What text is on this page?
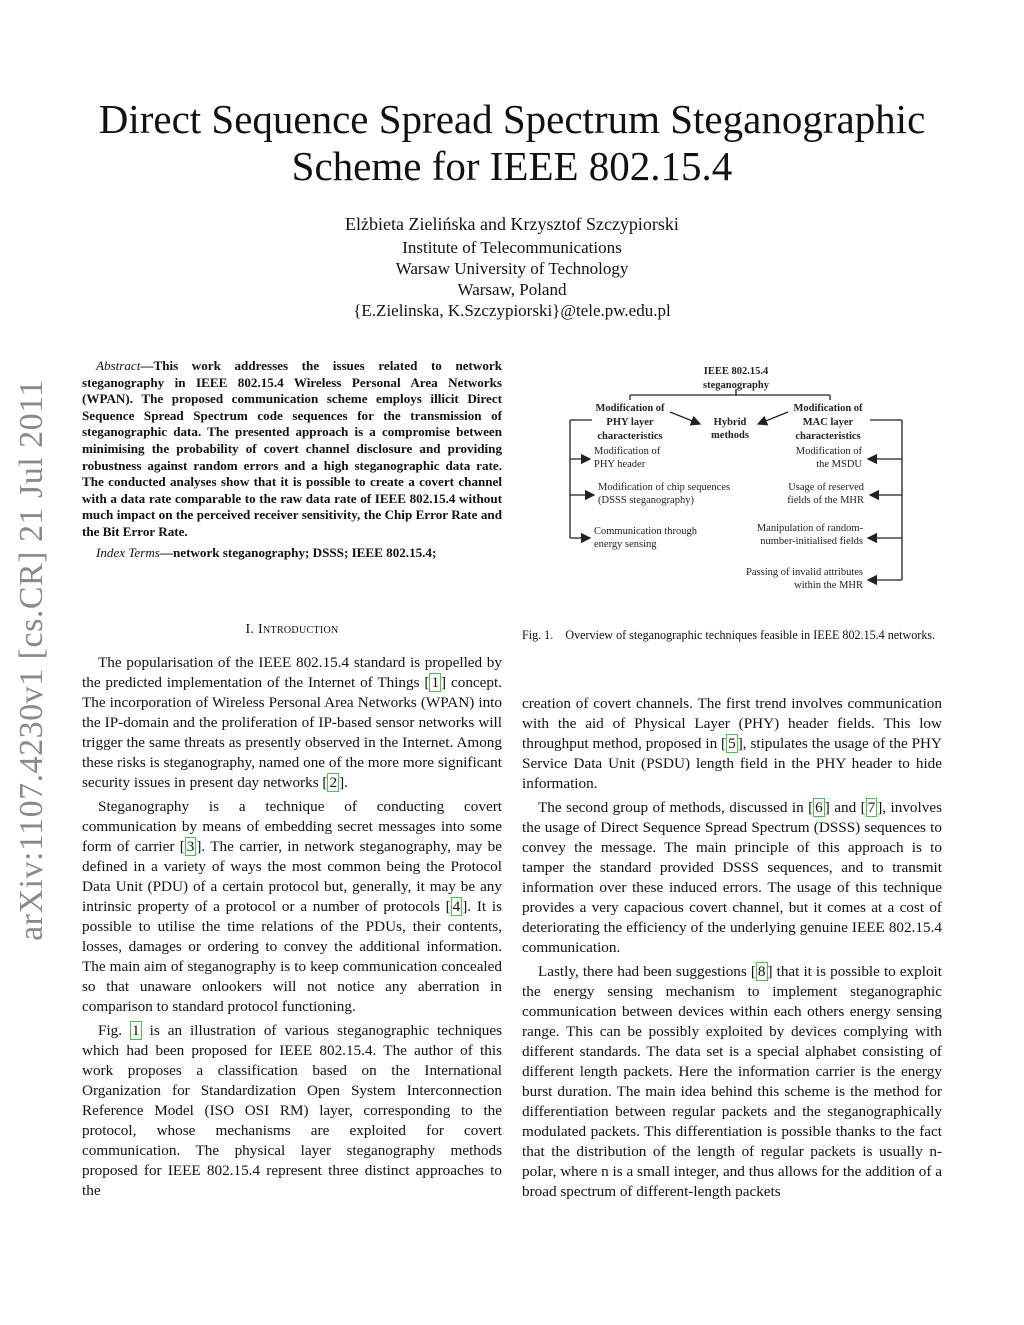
arXiv:1107.4230v1 [cs.CR] 21 Jul 2011
Direct Sequence Spread Spectrum Steganographic Scheme for IEEE 802.15.4
Elżbieta Zielińska and Krzysztof Szczypiorski
Institute of Telecommunications
Warsaw University of Technology
Warsaw, Poland
{E.Zielinska, K.Szczypiorski}@tele.pw.edu.pl

Abstract—This work addresses the issues related to network steganography in IEEE 802.15.4 Wireless Personal Area Networks (WPAN). The proposed communication scheme employs illicit Direct Sequence Spread Spectrum code sequences for the transmission of steganographic data. The presented approach is a compromise between minimising the probability of covert channel disclosure and providing robustness against random errors and a high steganographic data rate. The conducted analyses show that it is possible to create a covert channel with a data rate comparable to the raw data rate of IEEE 802.15.4 without much impact on the perceived receiver sensitivity, the Chip Error Rate and the Bit Error Rate.

Index Terms—network steganography; DSSS; IEEE 802.15.4;

I. Introduction

The popularisation of the IEEE 802.15.4 standard is propelled by the predicted implementation of the Internet of Things [ 1 ] concept. The incorporation of Wireless Personal Area Networks (WPAN) into the IP-domain and the proliferation of IP-based sensor networks will trigger the same threats as presently observed in the Internet. Among these risks is steganography, named one of the more more significant security issues in present day networks [ 2 ].

Steganography is a technique of conducting covert communication by means of embedding secret messages into some form of carrier [ 3 ]. The carrier, in network steganography, may be defined in a variety of ways the most common being the Protocol Data Unit (PDU) of a certain protocol but, generally, it may be any intrinsic property of a protocol or a number of protocols [ 4 ]. It is possible to utilise the time relations of the PDUs, their contents, losses, damages or ordering to convey the additional information. The main aim of steganography is to keep communication concealed so that unaware onlookers will not notice any aberration in comparison to standard protocol functioning.

Fig. 1 is an illustration of various steganographic techniques which had been proposed for IEEE 802.15.4. The author of this work proposes a classification based on the International Organization for Standardization Open System Interconnection Reference Model (ISO OSI RM) layer, corresponding to the protocol, whose mechanisms are exploited for covert communication. The physical layer steganography methods proposed for IEEE 802.15.4 represent three distinct approaches to the

IEEE 802.15.4
steganography
Modification of
PHY layer
characteristics
Hybrid
methods
Modification of
MAC layer
characteristics
Modification of
PHY header
Modification of chip sequences
(DSSS steganography)
Communication through
energy sensing
Modification of
the MSDU
Usage of reserved
fields of the MHR
Manipulation of random-
number-initialised fields
Passing of invalid attributes
within the MHR
Fig. 1. Overview of steganographic techniques feasible in IEEE 802.15.4 networks.

creation of covert channels. The first trend involves communication with the aid of Physical Layer (PHY) header fields. This low throughput method, proposed in [ 5 ], stipulates the usage of the PHY Service Data Unit (PSDU) length field in the PHY header to hide information.

The second group of methods, discussed in [ 6 ] and [ 7 ], involves the usage of Direct Sequence Spread Spectrum (DSSS) sequences to convey the message. The main principle of this approach is to tamper the standard provided DSSS sequences, and to transmit information over these induced errors. The usage of this technique provides a very capacious covert channel, but it comes at a cost of deteriorating the efficiency of the underlying genuine IEEE 802.15.4 communication.

Lastly, there had been suggestions [ 8 ] that it is possible to exploit the energy sensing mechanism to implement steganographic communication between devices within each others energy sensing range. This can be possibly exploited by devices complying with different standards. The data set is a special alphabet consisting of different length packets. Here the information carrier is the energy burst duration. The main idea behind this scheme is the method for differentiation between regular packets and the steganographically modulated packets. This differentiation is possible thanks to the fact that the distribution of the length of regular packets is usually n-polar, where n is a small integer, and thus allows for the addition of a broad spectrum of different-length packets
